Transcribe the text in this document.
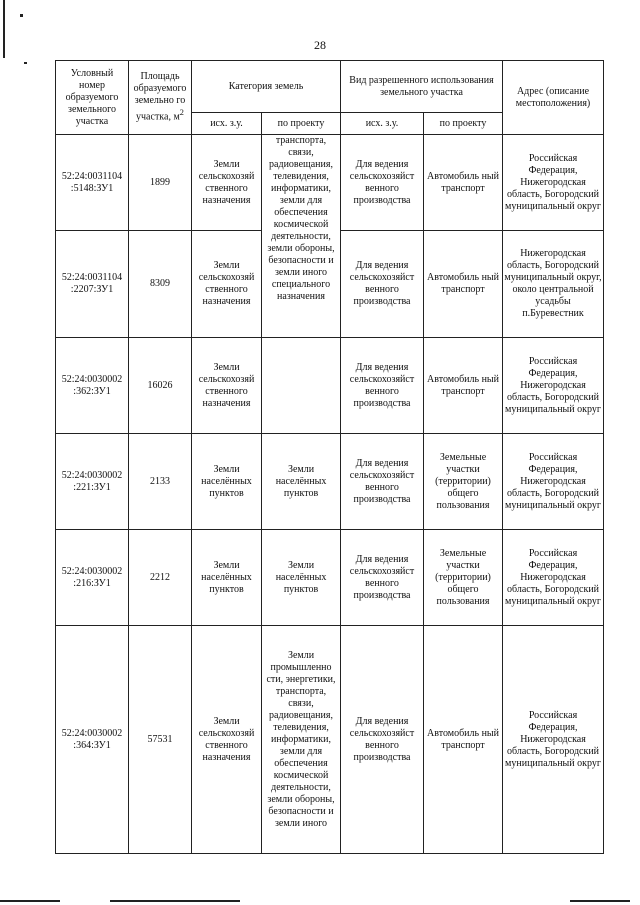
28
Условный номер образуемого земельного участка	Площадь образуемого земельно го участка, $м^2$	Категория земель		Вид разрешенного использования земельного участка		Адрес (описание местоположения)
		исх. з.у.	по проекту	исх. з.у.	по проекту	
52:24:0031104 :5148:ЗУ1	1899	Земли сельскохозяй ственного назначения	транспорта, связи, радиовещания, телевидения, информатики, земли для обеспечения космической деятельности, земли обороны, безопасности и земли иного специального назначения	Для ведения сельскохозяйст венного производства	Автомобиль ный транспорт	Российская Федерация, Нижегородская область, Богородский муниципальный округ
52:24:0031104 :2207:ЗУ1	8309	Земли сельскохозяй ственного назначения		Для ведения сельскохозяйст венного производства	Автомобиль ный транспорт	Нижегородская область, Богородский муниципальный округ, около центральной усадьбы п.Буревестник
52:24:0030002 :362:ЗУ1	16026	Земли сельскохозяй ственного назначения		Для ведения сельскохозяйст венного производства	Автомобиль ный транспорт	Российская Федерация, Нижегородская область, Богородский муниципальный округ
52:24:0030002 :221:ЗУ1	2133	Земли населённых пунктов	Земли населённых пунктов	Для ведения сельскохозяйст венного производства	Земельные участки (территории) общего пользования	Российская Федерация, Нижегородская область, Богородский муниципальный округ
52:24:0030002 :216:ЗУ1	2212	Земли населённых пунктов	Земли населённых пунктов	Для ведения сельскохозяйст венного производства	Земельные участки (территории) общего пользования	Российская Федерация, Нижегородская область, Богородский муниципальный округ
52:24:0030002 :364:ЗУ1	57531	Земли сельскохозяй ственного назначения	Земли промышленно сти, энергетики, транспорта, связи, радиовещания, телевидения, информатики, земли для обеспечения космической деятельности, земли обороны, безопасности и земли иного	Для ведения сельскохозяйст венного производства	Автомобиль ный транспорт	Российская Федерация, Нижегородская область, Богородский муниципальный округ
